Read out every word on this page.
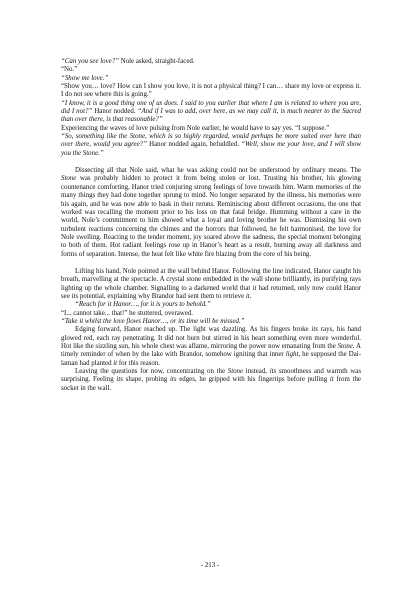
“Can you see love?” Nole asked, straight-faced.

“No.”

“Show me love.”

“Show you… love? How can I show you love, it is not a physical thing? I can… share my love or express it. I do not see where this is going.”

“I know, it is a good thing one of us does. I said to you earlier that where I am is related to where you are, did I not?” Hanor nodded. “And if I was to add, over here, as we may call it, is much nearer to the Sacred than over there, is that reasonable?”

Experiencing the waves of love pulsing from Nole earlier, he would have to say yes. “I suppose.”

“So, something like the Stone, which is so highly regarded, would perhaps be more suited over here than over there, would you agree?” Hanor nodded again, befuddled. “Well, show me your love, and I will show you the Stone.”

Dissecting all that Nole said, what he was asking could not be understood by ordinary means. The Stone was probably hidden to protect it from being stolen or lost. Trusting his brother, his glowing countenance comforting, Hanor tried conjuring strong feelings of love towards him. Warm memories of the many things they had done together sprung to mind. No longer separated by the illness, his memories were his again, and he was now able to bask in their reruns. Reminiscing about different occasions, the one that worked was recalling the moment prior to his loss on that fatal bridge. Humming without a care in the world, Nole’s commitment to him showed what a loyal and loving brother he was. Dismissing his own turbulent reactions concerning the chimes and the horrors that followed, he felt harmonised, the love for Nole swelling. Reacting to the tender moment, joy soared above the sadness, the special moment belonging to both of them. Hot radiant feelings rose up in Hanor’s heart as a result, burning away all darkness and forms of separation. Intense, the heat felt like white fire blazing from the core of his being.

Lifting his hand, Nole pointed at the wall behind Hanor. Following the line indicated, Hanor caught his breath, marvelling at the spectacle. A crystal stone embedded in the wall shone brilliantly, its purifying rays lighting up the whole chamber. Signalling to a darkened world that it had returned, only now could Hanor see its potential, explaining why Brandor had sent them to retrieve it.

“Reach for it Hanor…, for it is yours to behold.”

“I... cannot take... that!” he stuttered, overawed.

“Take it whilst the love flows Hanor…, or its time will be missed.”

Edging forward, Hanor reached up. The light was dazzling. As his fingers broke its rays, his hand glowed red, each ray penetrating. It did not burn but stirred in his heart something even more wonderful. Hot like the sizzling sun, his whole chest was aflame, mirroring the power now emanating from the Stone. A timely reminder of when by the lake with Brandor, somehow igniting that inner light, he supposed the Dai-laman had planted it for this reason.

Leaving the questions for now, concentrating on the Stone instead, its smoothness and warmth was surprising. Feeling its shape, probing its edges, he gripped with his fingertips before pulling it from the socket in the wall.

- 213 -
